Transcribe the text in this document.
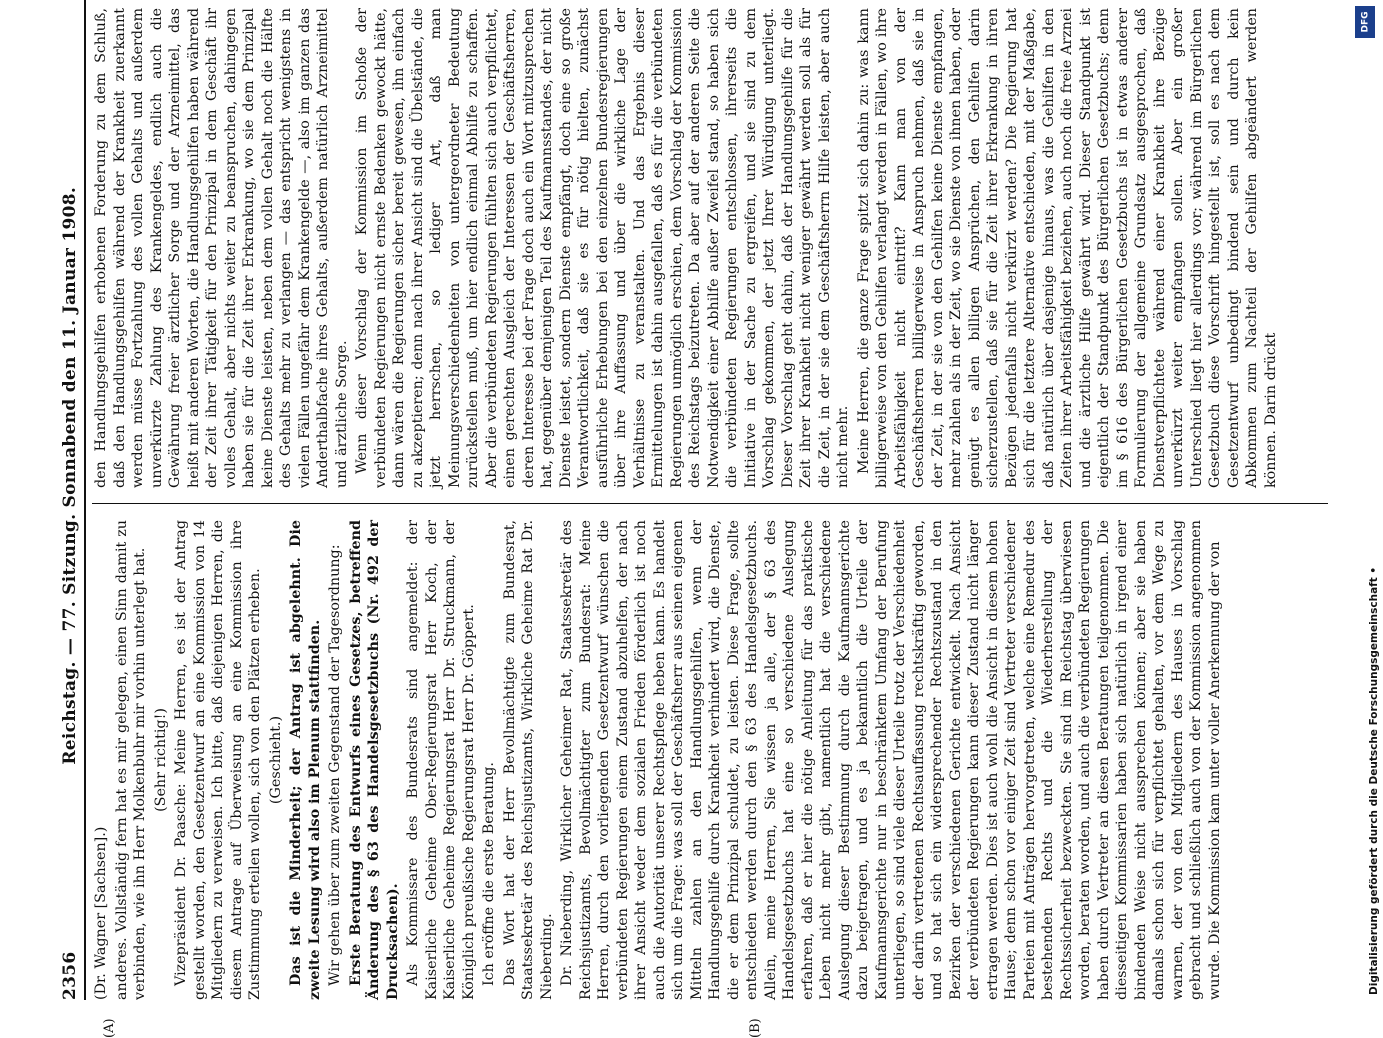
2356
Reichstag. — 77. Sitzung. Sonnabend den 11. Januar 1908.
(A)	(B)

(Dr. Wagner [Sachsen].) anderes. Vollständig fern hat es mir gelegen, einen Sinn damit zu verbinden, wie ihn Herr Molkenbuhr mir vorhin unterlegt hat. (Sehr richtig!) Vizepräsident Dr. Paasche: Meine Herren, es ist der Antrag gestellt worden, den Gesetzentwurf an eine Kommission von 14 Mitgliedern zu verweisen. Ich bitte, daß diejenigen Herren, die diesem Antrage auf Überweisung an eine Kommission ihre Zustimmung erteilen wollen, sich von den Plätzen erheben. (Geschieht.) Das ist die Minderheit; der Antrag ist abgelehnt. Die zweite Lesung wird also im Plenum stattfinden. Wir gehen über zum zweiten Gegenstand der Tagesordnung: Erste Beratung des Entwurfs eines Gesetzes, betreffend Änderung des § 63 des Handelsgesetzbuchs (Nr. 492 der Drucksachen). Als Kommissare des Bundesrats sind angemeldet: der Kaiserliche Geheime Ober-Regierungsrat Herr Koch, der Kaiserliche Geheime Regierungsrat Herr Dr. Struckmann, der Königlich preußische Regierungsrat Herr Dr. Göppert. Ich eröffne die erste Beratung. Das Wort hat der Herr Bevollmächtigte zum Bundesrat, Staatssekretär des Reichsjustizamts, Wirkliche Geheime Rat Dr. Nieberding. Dr. Nieberding, Wirklicher Geheimer Rat, Staatssekretär des Reichsjustizamts, Bevollmächtigter zum Bundesrat: Meine Herren, durch den vorliegenden Gesetzentwurf wünschen die verbündeten Regierungen einem Zustand abzuhelfen, der nach ihrer Ansicht weder dem sozialen Frieden förderlich ist noch auch die Autorität unserer Rechtspflege heben kann. Es handelt sich um die Frage: was soll der Geschäftsherr aus seinen eigenen Mitteln zahlen an den Handlungsgehilfen, wenn der Handlungsgehilfe durch Krankheit verhindert wird, die Dienste, die er dem Prinzipal schuldet, zu leisten. Diese Frage, sollte entschieden werden durch den § 63 des Handelsgesetzbuchs. Allein, meine Herren, Sie wissen ja alle, der § 63 des Handelsgesetzbuchs hat eine so verschiedene Auslegung erfahren, daß er hier die nötige Anleitung für das praktische Leben nicht mehr gibt, namentlich hat die verschiedene Auslegung dieser Bestimmung durch die Kaufmannsgerichte dazu beigetragen, und es ja bekanntlich die Urteile der Kaufmannsgerichte nur in beschränktem Umfang der Berufung unterliegen, so sind viele dieser Urteile trotz der Verschiedenheit der darin vertretenen Rechtsauffassung rechtskräftig geworden, und so hat sich ein widersprechender Rechtszustand in den Bezirken der verschiedenen Gerichte entwickelt. Nach Ansicht der verbündeten Regierungen kann dieser Zustand nicht länger ertragen werden. Dies ist auch wohl die Ansicht in diesem hohen Hause; denn schon vor einiger Zeit sind Vertreter verschiedener Parteien mit Anträgen hervorgetreten, welche eine Remedur des bestehenden Rechts und die Wiederherstellung der Rechtssicherheit bezweckten. Sie sind im Reichstag überwiesen worden, beraten worden, und auch die verbündeten Regierungen haben durch Vertreter an diesen Beratungen teilgenommen. Die diesseitigen Kommissarien haben sich natürlich in irgend einer bindenden Weise nicht aussprechen können; aber sie haben damals schon sich für verpflichtet gehalten, vor dem Wege zu warnen, der von den Mitgliedern des Hauses in Vorschlag gebracht und schließlich auch von der Kommission angenommen wurde. Die Kommission kam unter voller Anerkennung der von

den Handlungsgehilfen erhobenen Forderung zu dem Schluß, daß den Handlungsgehilfen während der Krankheit zuerkannt werden müsse Fortzahlung des vollen Gehalts und außerdem unverkürzte Zahlung des Krankengeldes, endlich auch die Gewährung freier ärztlicher Sorge und der Arzneimittel, das heißt mit anderen Worten, die Handlungsgehilfen haben während der Zeit ihrer Tätigkeit für den Prinzipal in dem Geschäft ihr volles Gehalt, aber nichts weiter zu beanspruchen, dahingegen haben sie für die Zeit ihrer Erkrankung, wo sie dem Prinzipal keine Dienste leisten, neben dem vollen Gehalt noch die Hälfte des Gehalts mehr zu verlangen — das entspricht wenigstens in vielen Fällen ungefähr dem Krankengelde —, also im ganzen das Anderthalbfache ihres Gehalts, außerdem natürlich Arzneimittel und ärztliche Sorge. Wenn dieser Vorschlag der Kommission im Schoße der verbündeten Regierungen nicht ernste Bedenken gewockt hätte, dann wären die Regierungen sicher bereit gewesen, ihn einfach zu akzeptieren; denn nach ihrer Ansicht sind die Übelstände, die jetzt herrschen, so lediger Art, daß man Meinungsverschiedenheiten von untergeordneter Bedeutung zurückstellen muß, um hier endlich einmal Abhilfe zu schaffen. Aber die verbündeten Regierungen fühlten sich auch verpflichtet, einen gerechten Ausgleich der Interessen der Geschäftsherren, deren Interesse bei der Frage doch auch ein Wort mitzusprechen hat, gegenüber demjenigen Teil des Kaufmannsstandes, der nicht Dienste leistet, sondern Dienste empfängt, doch eine so große Verantwortlichkeit, daß sie es für nötig hielten, zunächst ausführliche Erhebungen bei den einzelnen Bundesregierungen über ihre Auffassung und über die wirkliche Lage der Verhältnisse zu veranstalten. Und das Ergebnis dieser Ermittelungen ist dahin ausgefallen, daß es für die verbündeten Regierungen unmöglich erschien, dem Vorschlag der Kommission des Reichstags beizutreten. Da aber auf der anderen Seite die Notwendigkeit einer Abhilfe außer Zweifel stand, so haben sich die verbündeten Regierungen entschlossen, ihrerseits die Initiative in der Sache zu ergreifen, und sie sind zu dem Vorschlag gekommen, der jetzt Ihrer Würdigung unterliegt. Dieser Vorschlag geht dahin, daß der Handlungsgehilfe für die Zeit ihrer Krankheit nicht weniger gewährt werden soll als für die Zeit, in der sie dem Geschäftsherrn Hilfe leisten, aber auch nicht mehr. Meine Herren, die ganze Frage spitzt sich dahin zu: was kann billigerweise von den Gehilfen verlangt werden in Fällen, wo ihre Arbeitsfähigkeit nicht eintritt? Kann man von der Geschäftsherren billigerweise in Anspruch nehmen, daß sie in der Zeit, in der sie von den Gehilfen keine Dienste empfangen, mehr zahlen als in der Zeit, wo sie Dienste von ihnen haben, oder genügt es allen billigen Ansprüchen, den Gehilfen darin sicherzustellen, daß sie für die Zeit ihrer Erkrankung in ihren Bezügen jedenfalls nicht verkürzt werden? Die Regierung hat sich für die letztere Alternative entschieden, mit der Maßgabe, daß natürlich über dasjenige hinaus, was die Gehilfen in den Zeiten ihrer Arbeitsfähigkeit beziehen, auch noch die freie Arznei und die ärztliche Hilfe gewährt wird. Dieser Standpunkt ist eigentlich der Standpunkt des Bürgerlichen Gesetzbuchs; denn im § 616 des Bürgerlichen Gesetzbuchs ist in etwas anderer Formulierung der allgemeine Grundsatz ausgesprochen, daß Dienstverpflichtete während einer Krankheit ihre Bezüge unverkürzt weiter empfangen sollen. Aber ein großer Unterschied liegt hier allerdings vor; während im Bürgerlichen Gesetzbuch diese Vorschrift hingestellt ist, soll es nach dem Gesetzentwurf unbedingt bindend sein und durch kein Abkommen zum Nachteil der Gehilfen abgeändert werden können. Darin drückt

DFG
Digitalisierung gefördert durch die Deutsche Forschungsgemeinschaft •
